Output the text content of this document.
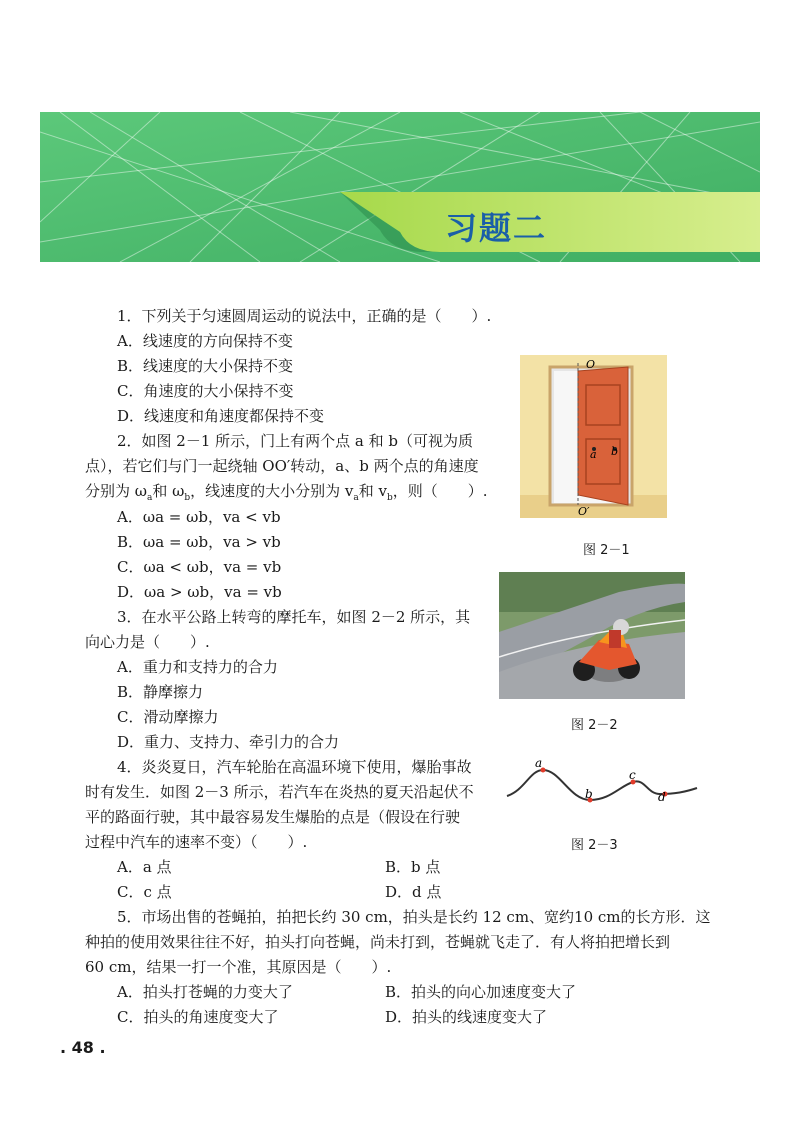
习题二
1．下列关于匀速圆周运动的说法中，正确的是（　　）.
A．线速度的方向保持不变
B．线速度的大小保持不变
C．角速度的大小保持不变
D．线速度和角速度都保持不变
2．如图 2－1 所示，门上有两个点 a 和 b（可视为质
点），若它们与门一起绕轴 OO′转动，a、b 两个点的角速度
分别为 $\omega_a$和 $\omega_b$，线速度的大小分别为 $v_a$和 $v_b$，则（　　）.
A．ωa = ωb，va < vb
B．ωa = ωb，va > vb
C．ωa < ωb，va = vb
D．ωa > ωb，va = vb
3．在水平公路上转弯的摩托车，如图 2－2 所示，其
向心力是（　　）.
A．重力和支持力的合力
B．静摩擦力
C．滑动摩擦力
D．重力、支持力、牵引力的合力
4．炎炎夏日，汽车轮胎在高温环境下使用，爆胎事故
时有发生．如图 2－3 所示，若汽车在炎热的夏天沿起伏不
平的路面行驶，其中最容易发生爆胎的点是（假设在行驶
过程中汽车的速率不变）（　　）.
A．a 点	B．b 点
C．c 点	D．d 点
5．市场出售的苍蝇拍，拍把长约 30 cm，拍头是长约 12 cm、宽约10 cm的长方形．这
种拍的使用效果往往不好，拍头打向苍蝇，尚未打到，苍蝇就飞走了．有人将拍把增长到
60 cm，结果一打一个准，其原因是（　　）.
A．拍头打苍蝇的力变大了	B．拍头的向心加速度变大了
C．拍头的角速度变大了	D．拍头的线速度变大了
a b
O
O′
图 2－1
图 2－2
a
b
c
d
图 2－3
. 48 .
